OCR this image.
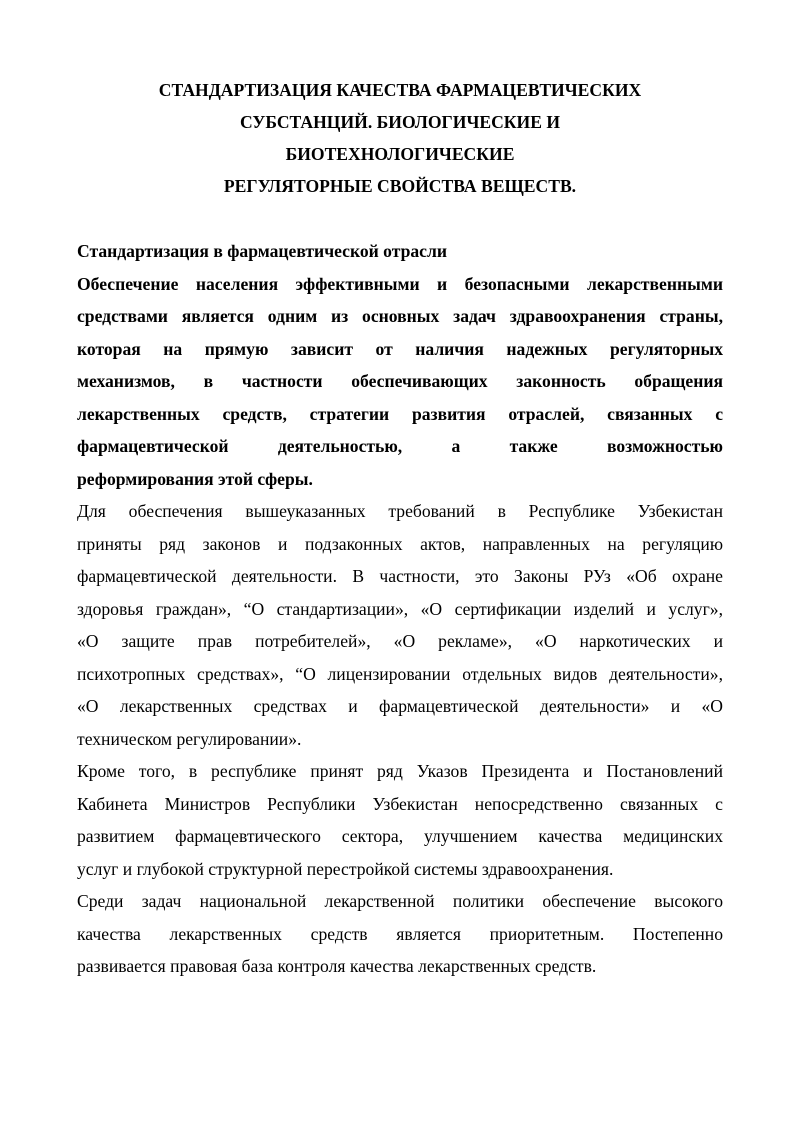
СТАНДАРТИЗАЦИЯ КАЧЕСТВА ФАРМАЦЕВТИЧЕСКИХ
СУБСТАНЦИЙ. БИОЛОГИЧЕСКИЕ И
БИОТЕХНОЛОГИЧЕСКИЕ
РЕГУЛЯТОРНЫЕ СВОЙСТВА ВЕЩЕСТВ.

Стандартизация в фармацевтической отрасли

Обеспечение населения эффективными и безопасными лекарственными
средствами является одним из основных задач здравоохранения страны,
которая на прямую зависит от наличия надежных регуляторных
механизмов, в частности обеспечивающих законность обращения
лекарственных средств, стратегии развития отраслей, связанных с
фармацевтической деятельностью, а также возможностью
реформирования этой сферы.
Для обеспечения вышеуказанных требований в Республике Узбекистан
приняты ряд законов и подзаконных актов, направленных на регуляцию
фармацевтической деятельности. В частности, это Законы РУз «Об охране
здоровья граждан», “О стандартизации», «О сертификации изделий и услуг»,
«О защите прав потребителей», «О рекламе», «О наркотических и
психотропных средствах», “О лицензировании отдельных видов деятельности»,
«О лекарственных средствах и фармацевтической деятельности» и «О
техническом регулировании».
Кроме того, в республике принят ряд Указов Президента и Постановлений
Кабинета Министров Республики Узбекистан непосредственно связанных с
развитием фармацевтического сектора, улучшением качества медицинских
услуг и глубокой структурной перестройкой системы здравоохранения.
Среди задач национальной лекарственной политики обеспечение высокого
качества лекарственных средств является приоритетным. Постепенно
развивается правовая база контроля качества лекарственных средств.
